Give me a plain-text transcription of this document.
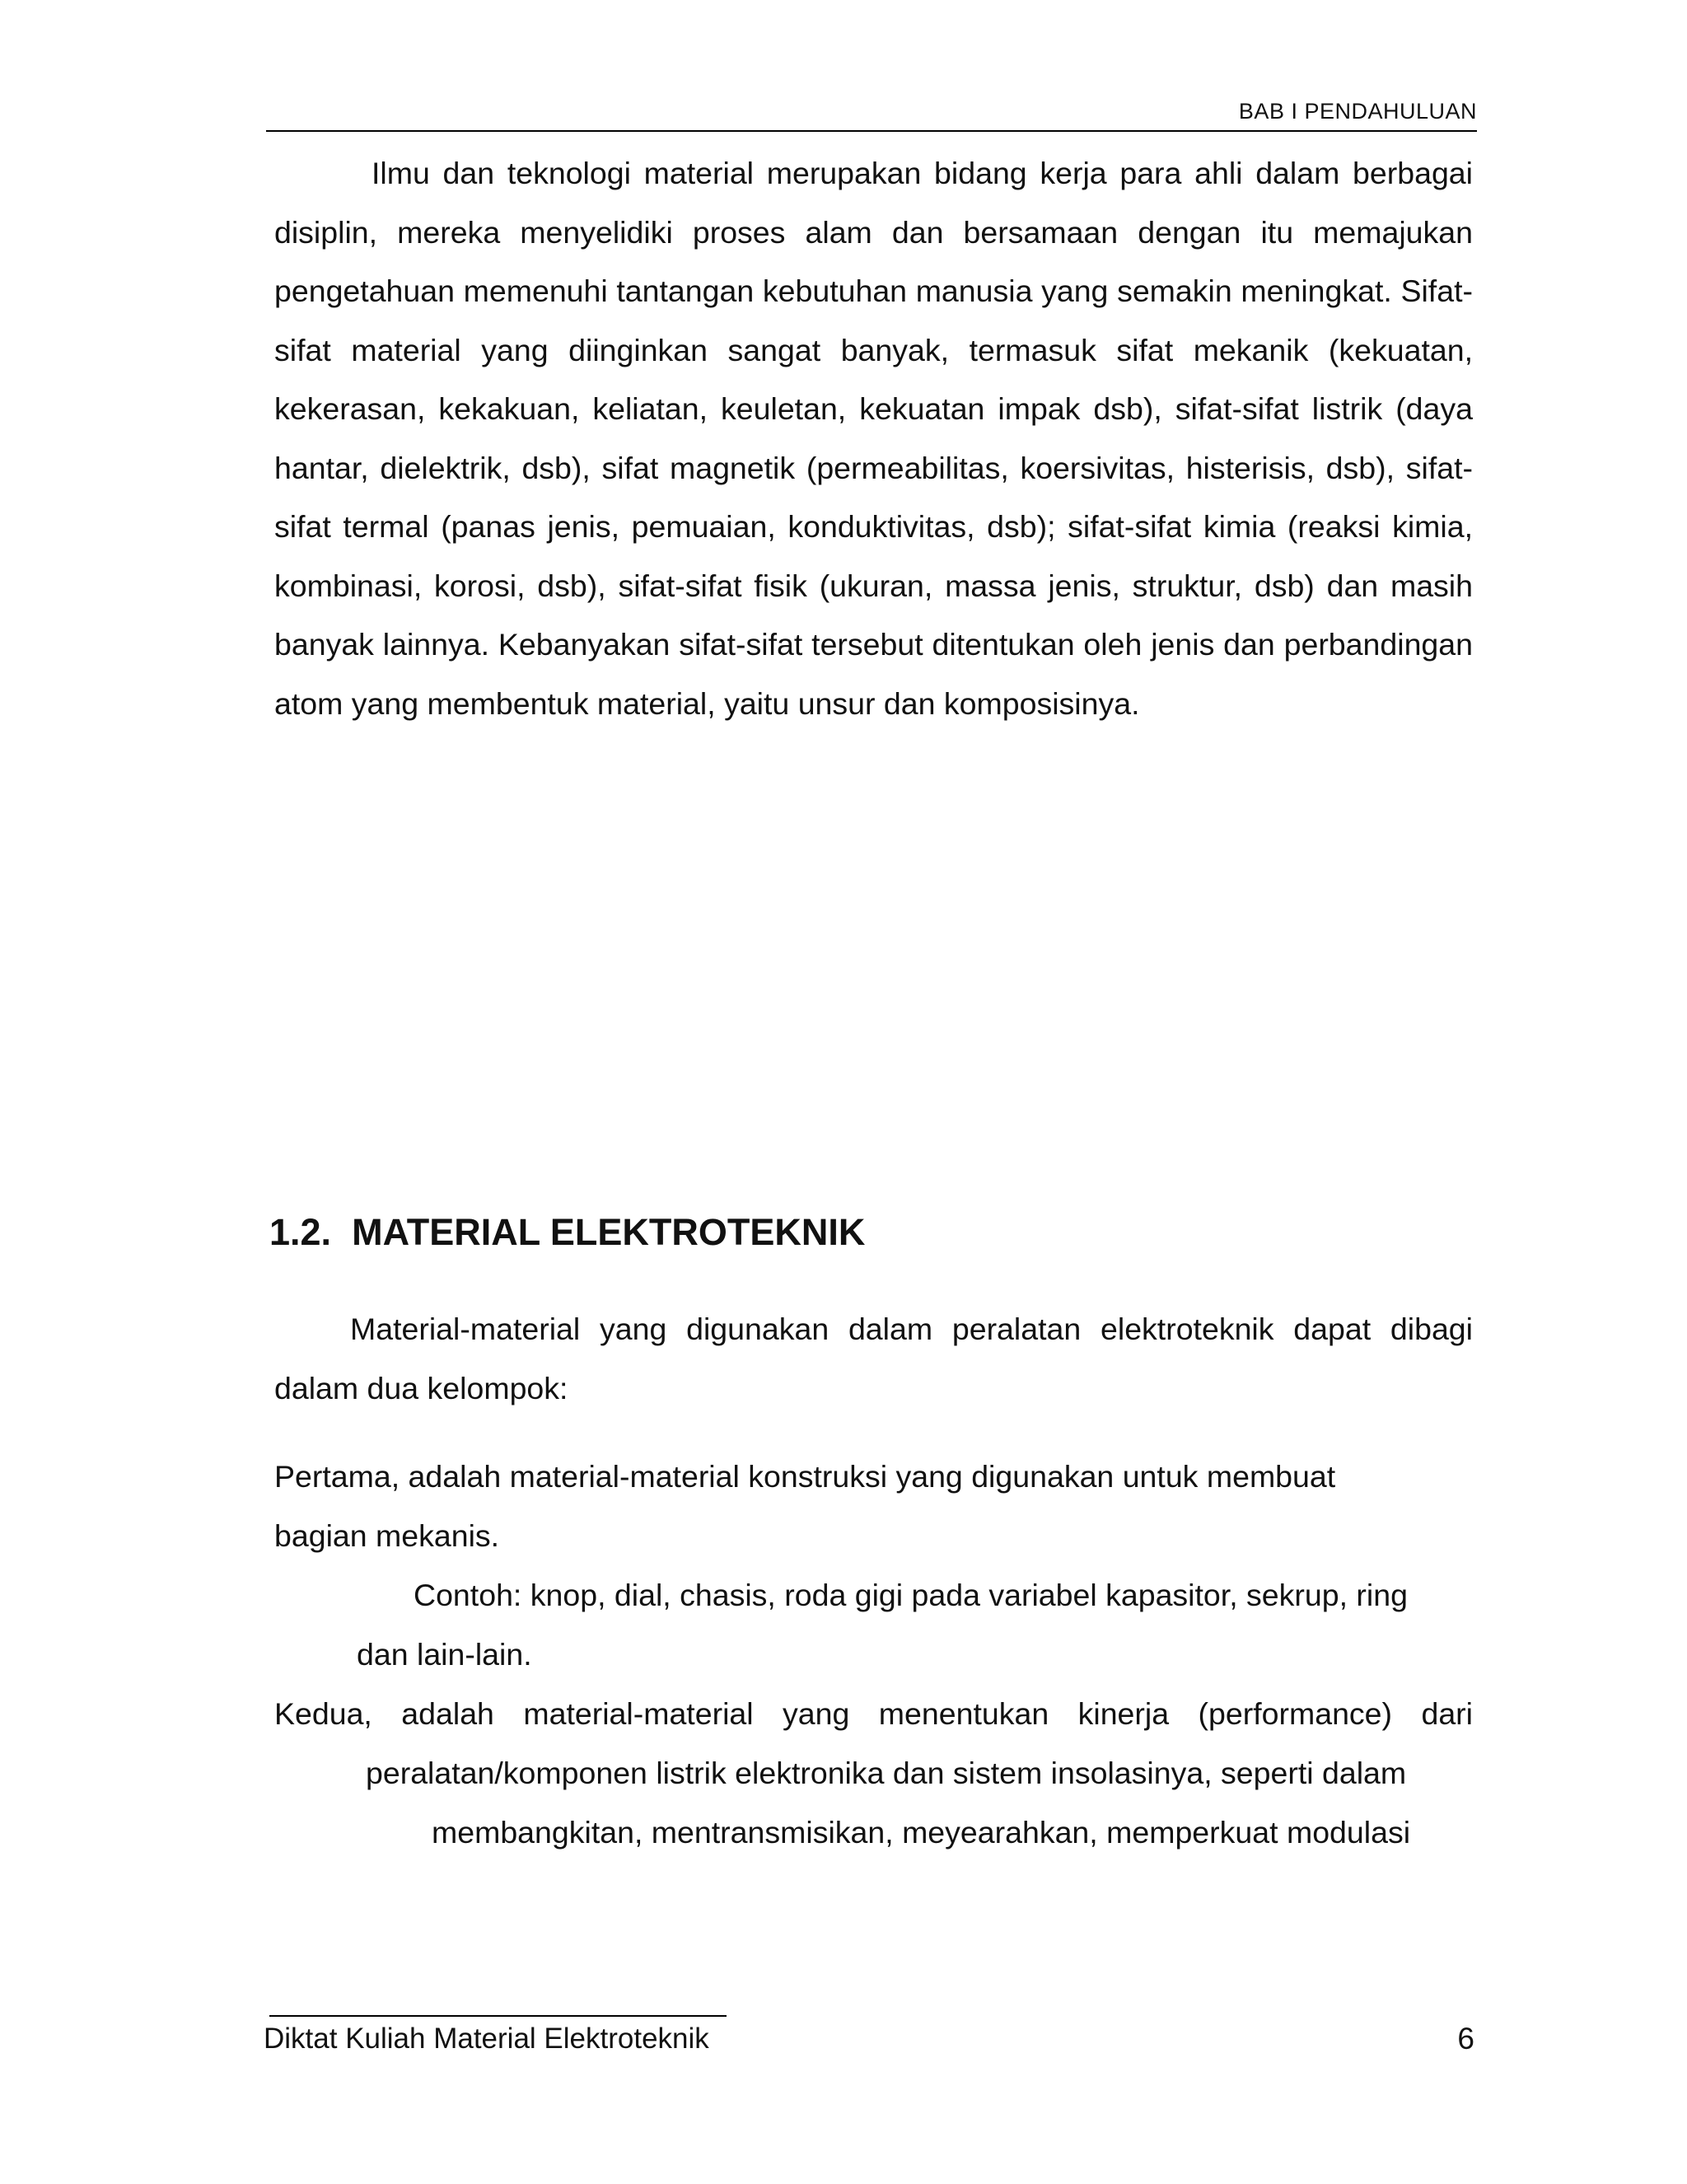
BAB I PENDAHULUAN

Ilmu dan teknologi material merupakan bidang kerja para ahli dalam berbagai disiplin, mereka menyelidiki proses alam dan bersamaan dengan itu memajukan pengetahuan memenuhi tantangan kebutuhan manusia yang semakin meningkat. Sifat-sifat material yang diinginkan sangat banyak, termasuk sifat mekanik (kekuatan, kekerasan, kekakuan, keliatan, keuletan, kekuatan impak dsb), sifat-sifat listrik (daya hantar, dielektrik, dsb), sifat magnetik (permeabilitas, koersivitas, histerisis, dsb), sifat-sifat termal (panas jenis, pemuaian, konduktivitas, dsb); sifat-sifat kimia (reaksi kimia, kombinasi, korosi, dsb), sifat-sifat fisik (ukuran, massa jenis, struktur, dsb) dan masih banyak lainnya. Kebanyakan sifat-sifat tersebut ditentukan oleh jenis dan perbandingan atom yang membentuk material, yaitu unsur dan komposisinya.

1.2. MATERIAL ELEKTROTEKNIK

Material-material yang digunakan dalam peralatan elektroteknik dapat dibagi dalam dua kelompok:

Pertama, adalah material-material konstruksi yang digunakan untuk membuat
bagian mekanis.
Contoh: knop, dial, chasis, roda gigi pada variabel kapasitor, sekrup, ring
dan lain-lain.
Kedua, adalah material-material yang menentukan kinerja (performance) dari
peralatan/komponen listrik elektronika dan sistem insolasinya, seperti dalam
membangkitan, mentransmisikan, meyearahkan, memperkuat modulasi
Diktat Kuliah Material Elektroteknik	6
